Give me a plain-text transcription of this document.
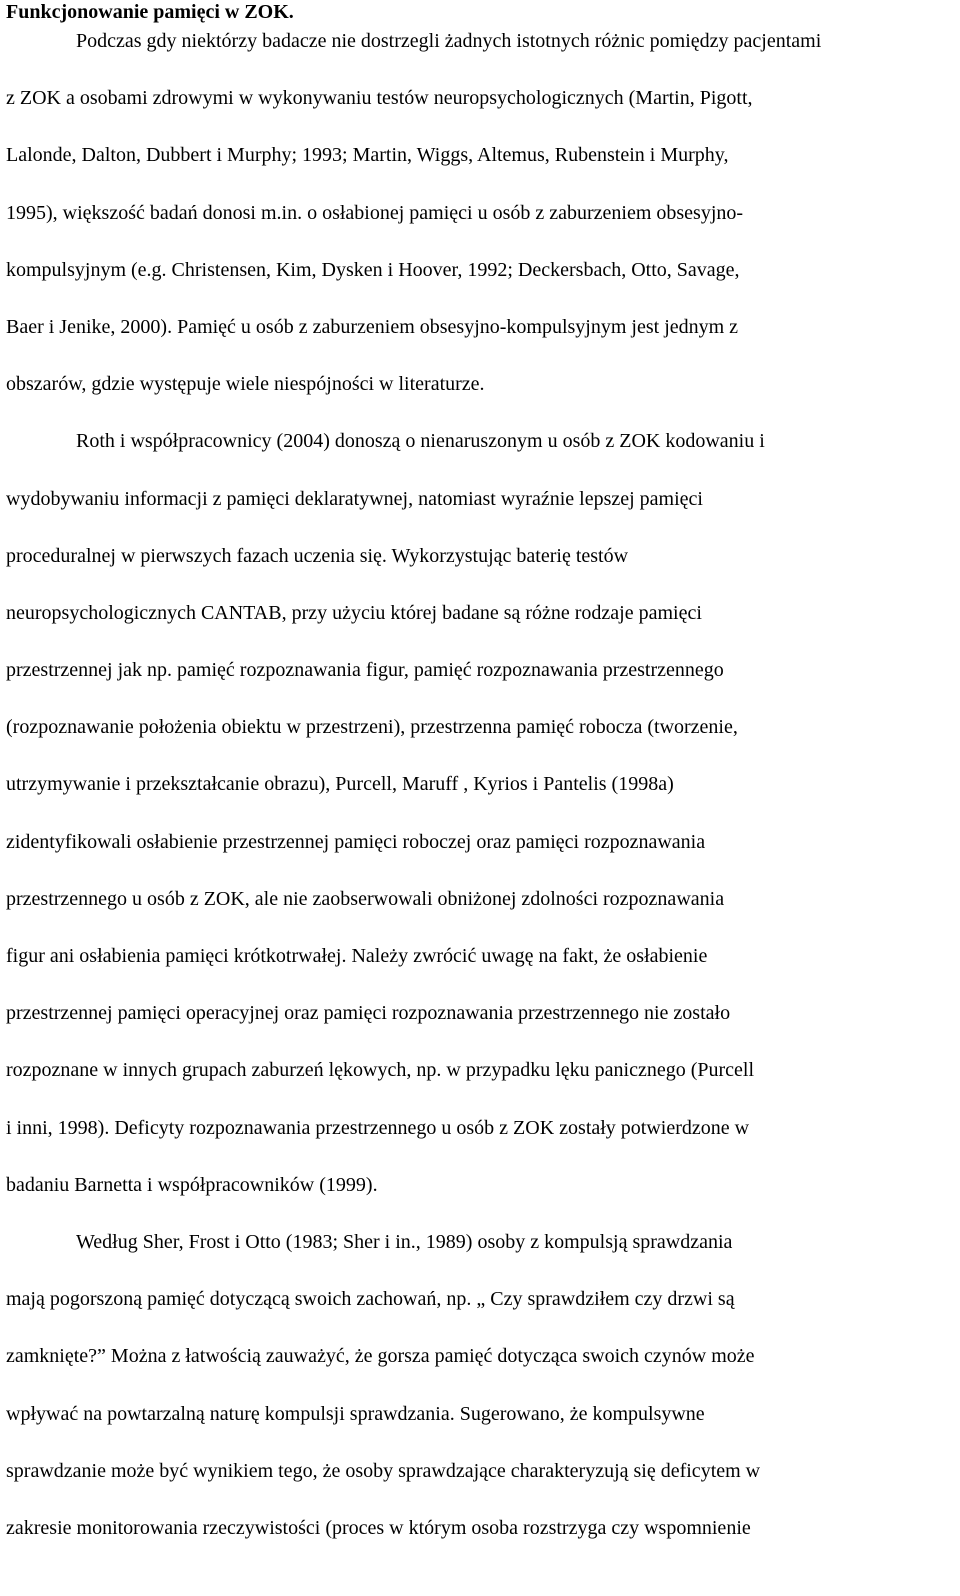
Funkcjonowanie pamięci w ZOK.
Podczas gdy niektórzy badacze nie dostrzegli żadnych istotnych różnic pomiędzy pacjentami
z ZOK a osobami zdrowymi w wykonywaniu testów neuropsychologicznych (Martin, Pigott,
Lalonde, Dalton, Dubbert i Murphy; 1993; Martin, Wiggs, Altemus, Rubenstein i Murphy,
1995), większość badań donosi m.in. o osłabionej pamięci u osób z zaburzeniem obsesyjno-
kompulsyjnym (e.g. Christensen, Kim, Dysken i Hoover, 1992; Deckersbach, Otto, Savage,
Baer i Jenike, 2000). Pamięć u osób z zaburzeniem obsesyjno-kompulsyjnym jest jednym z
obszarów, gdzie występuje wiele niespójności w literaturze.
Roth i współpracownicy (2004) donoszą o nienaruszonym u osób z ZOK kodowaniu i
wydobywaniu informacji z pamięci deklaratywnej, natomiast wyraźnie lepszej pamięci
proceduralnej w pierwszych fazach uczenia się. Wykorzystując baterię testów
neuropsychologicznych CANTAB, przy użyciu której badane są różne rodzaje pamięci
przestrzennej jak np. pamięć rozpoznawania figur, pamięć rozpoznawania przestrzennego
(rozpoznawanie położenia obiektu w przestrzeni), przestrzenna pamięć robocza (tworzenie,
utrzymywanie i przekształcanie obrazu), Purcell, Maruff , Kyrios i Pantelis (1998a)
zidentyfikowali osłabienie przestrzennej pamięci roboczej oraz pamięci rozpoznawania
przestrzennego u osób z ZOK, ale nie zaobserwowali obniżonej zdolności rozpoznawania
figur ani osłabienia pamięci krótkotrwałej. Należy zwrócić uwagę na fakt, że osłabienie
przestrzennej pamięci operacyjnej oraz pamięci rozpoznawania przestrzennego nie zostało
rozpoznane w innych grupach zaburzeń lękowych, np. w przypadku lęku panicznego (Purcell
i inni, 1998). Deficyty rozpoznawania przestrzennego u osób z ZOK zostały potwierdzone w
badaniu Barnetta i współpracowników (1999).
Według Sher, Frost i Otto (1983; Sher i in., 1989) osoby z kompulsją sprawdzania
mają pogorszoną pamięć dotyczącą swoich zachowań, np. „ Czy sprawdziłem czy drzwi są
zamknięte?” Można z łatwością zauważyć, że gorsza pamięć dotycząca swoich czynów może
wpływać na powtarzalną naturę kompulsji sprawdzania. Sugerowano, że kompulsywne
sprawdzanie może być wynikiem tego, że osoby sprawdzające charakteryzują się deficytem w
zakresie monitorowania rzeczywistości (proces w którym osoba rozstrzyga czy wspomnienie
